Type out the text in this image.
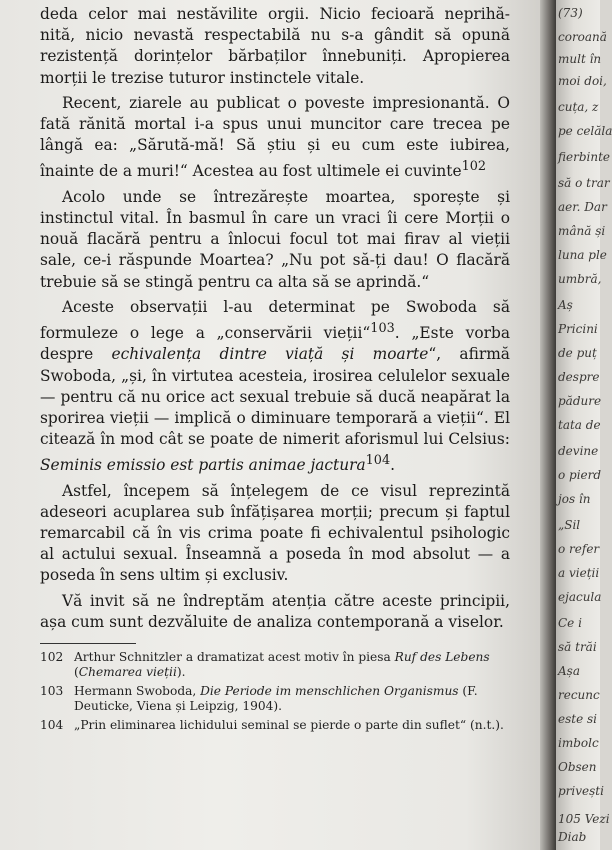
deda celor mai nestăvilite orgii. Nicio fecioară neprihă- nită, nicio nevastă respectabilă nu s-a gândit să opună rezistență dorințelor bărbaților înnebuniți. Apropierea morții le trezise tuturor instinctele vitale.

Recent, ziarele au publicat o poveste impresionantă. O fată rănită mortal i-a spus unui muncitor care trecea pe lângă ea: „Sărută-mă! Să știu și eu cum este iubirea, înainte de a muri!“ Acestea au fost ultimele ei cuvinte$^{102}$

Acolo unde se întrezărește moartea, sporește și instinctul vital. În basmul în care un vraci îi cere Morții o nouă flacără pentru a înlocui focul tot mai firav al vieții sale, ce-i răspunde Moartea? „Nu pot să-ți dau! O flacără trebuie să se stingă pentru ca alta să se aprindă.“

Aceste observații l-au determinat pe Swoboda să formuleze o lege a „conservării vieții“$^{103}$. „Este vorba despre echivalența dintre viață și moarte“, afirmă Swoboda, „și, în virtutea acesteia, irosirea celulelor sexuale — pentru că nu orice act sexual trebuie să ducă neapărat la sporirea vieții — implică o diminuare temporară a vieții“. El citează în mod cât se poate de nimerit aforismul lui Celsius: Seminis emissio est partis animae jactura$^{104}$.

Astfel, începem să înțelegem de ce visul reprezintă adeseori acuplarea sub înfățișarea morții; precum și faptul remarcabil că în vis crima poate fi echivalentul psihologic al actului sexual. Înseamnă a poseda în mod absolut — a poseda în sens ultim și exclusiv.

Vă invit să ne îndreptăm atenția către aceste principii, așa cum sunt dezvăluite de analiza contemporană a viselor.

102 Arthur Schnitzler a dramatizat acest motiv în piesa Ruf des Lebens (Chemarea vieții).
103 Hermann Swoboda, Die Periode im menschlichen Organismus (F. Deuticke, Viena și Leipzig, 1904).
104 „Prin eliminarea lichidului seminal se pierde o parte din suflet“ (n.t.).
(73)
coroană
mult în
moi doi,
cuța, z
pe celăla
fierbinte
să o trar
aer. Dar
mână și
luna ple
umbră,
Aș
Pricini
de puț
despre
pădure
tata de
devine
o pierd
jos în
„Sil
o refer
a vieții
ejacula
Ce i
să trăi
Așa
recunc
este si
imbolc
Obsen
privești
105 Vezi
Diab
